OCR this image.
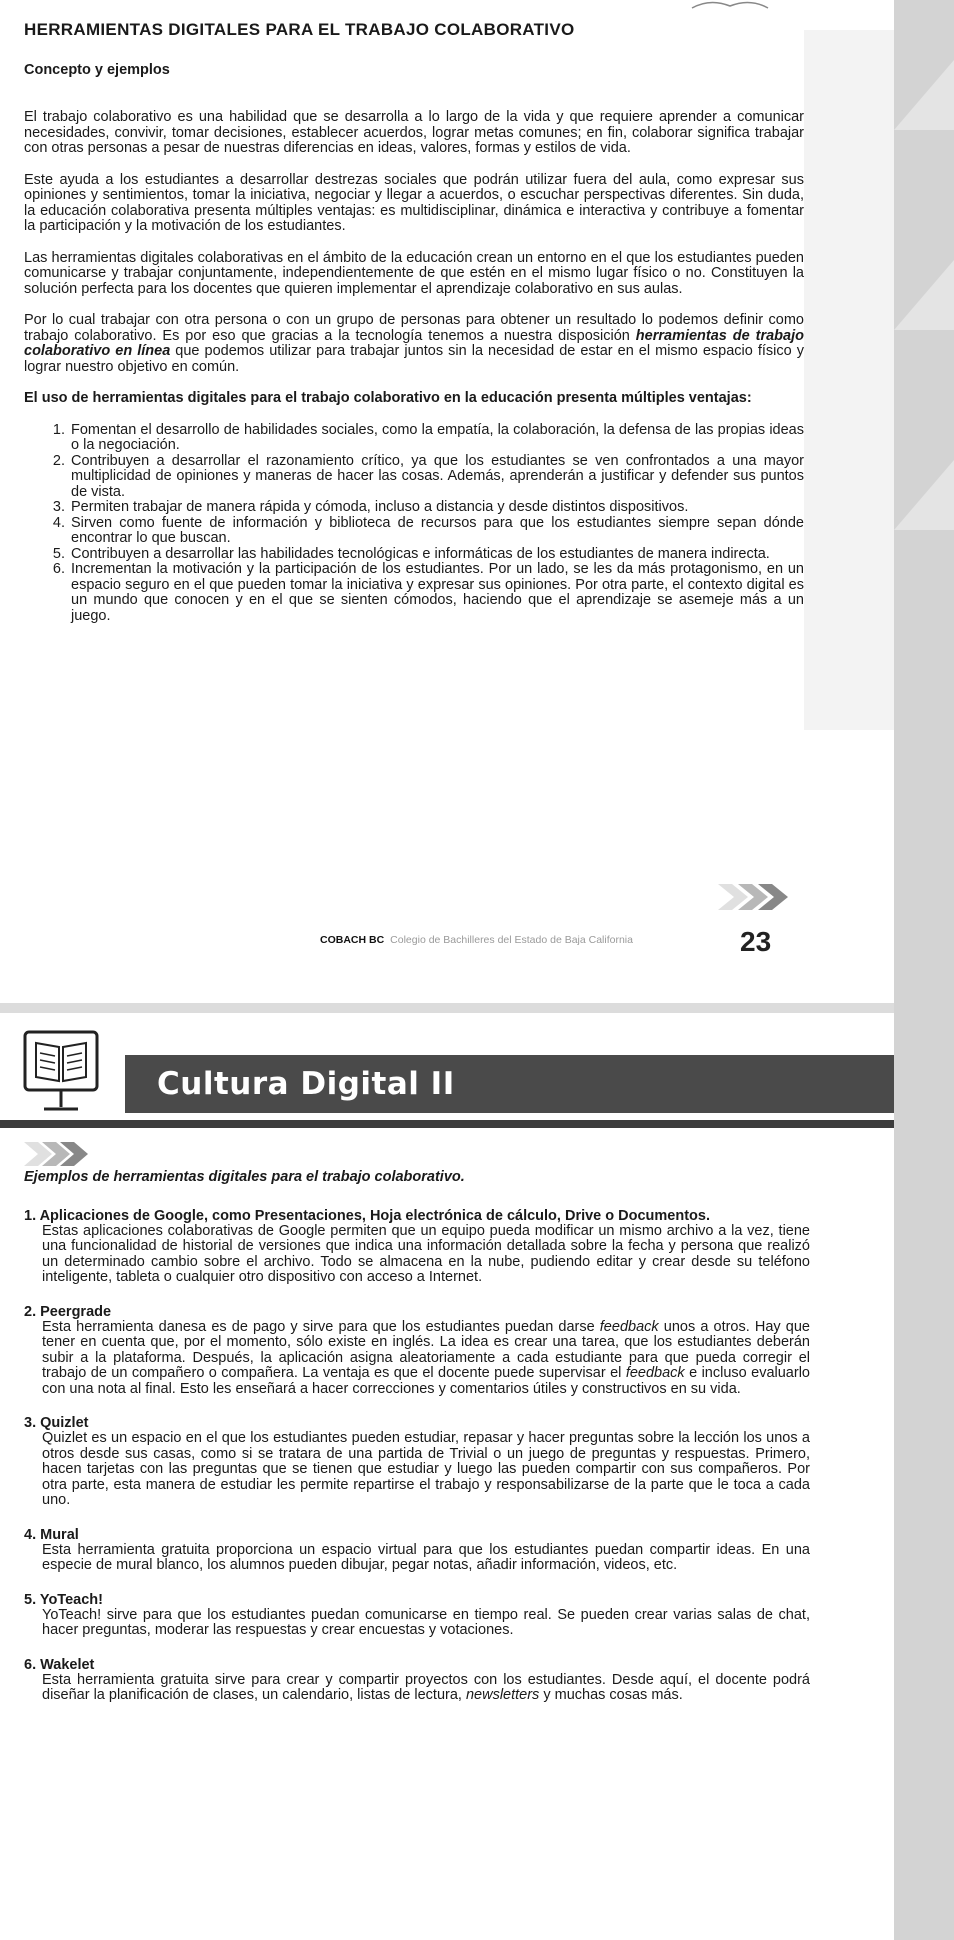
HERRAMIENTAS DIGITALES PARA EL TRABAJO COLABORATIVO

Concepto y ejemplos

El trabajo colaborativo es una habilidad que se desarrolla a lo largo de la vida y que requiere aprender a comunicar necesidades, convivir, tomar decisiones, establecer acuerdos, lograr metas comunes; en fin, colaborar significa trabajar con otras personas a pesar de nuestras diferencias en ideas, valores, formas y estilos de vida.

Este ayuda a los estudiantes a desarrollar destrezas sociales que podrán utilizar fuera del aula, como expresar sus opiniones y sentimientos, tomar la iniciativa, negociar y llegar a acuerdos, o escuchar perspectivas diferentes. Sin duda, la educación colaborativa presenta múltiples ventajas: es multidisciplinar, dinámica e interactiva y contribuye a fomentar la participación y la motivación de los estudiantes.

Las herramientas digitales colaborativas en el ámbito de la educación crean un entorno en el que los estudiantes pueden comunicarse y trabajar conjuntamente, independientemente de que estén en el mismo lugar físico o no. Constituyen la solución perfecta para los docentes que quieren implementar el aprendizaje colaborativo en sus aulas.

Por lo cual trabajar con otra persona o con un grupo de personas para obtener un resultado lo podemos definir como trabajo colaborativo. Es por eso que gracias a la tecnología tenemos a nuestra disposición herramientas de trabajo colaborativo en línea que podemos utilizar para trabajar juntos sin la necesidad de estar en el mismo espacio físico y lograr nuestro objetivo en común.

El uso de herramientas digitales para el trabajo colaborativo en la educación presenta múltiples ventajas:

1. Fomentan el desarrollo de habilidades sociales, como la empatía, la colaboración, la defensa de las propias ideas o la negociación.
2. Contribuyen a desarrollar el razonamiento crítico, ya que los estudiantes se ven confrontados a una mayor multiplicidad de opiniones y maneras de hacer las cosas. Además, aprenderán a justificar y defender sus puntos de vista.
3. Permiten trabajar de manera rápida y cómoda, incluso a distancia y desde distintos dispositivos.
4. Sirven como fuente de información y biblioteca de recursos para que los estudiantes siempre sepan dónde encontrar lo que buscan.
5. Contribuyen a desarrollar las habilidades tecnológicas e informáticas de los estudiantes de manera indirecta.
6. Incrementan la motivación y la participación de los estudiantes. Por un lado, se les da más protagonismo, en un espacio seguro en el que pueden tomar la iniciativa y expresar sus opiniones. Por otra parte, el contexto digital es un mundo que conocen y en el que se sienten cómodos, haciendo que el aprendizaje se asemeje más a un juego.
COBACH BC Colegio de Bachilleres del Estado de Baja California	23
Cultura Digital II

Ejemplos de herramientas digitales para el trabajo colaborativo.

1. Aplicaciones de Google, como Presentaciones, Hoja electrónica de cálculo, Drive o Documentos.

Estas aplicaciones colaborativas de Google permiten que un equipo pueda modificar un mismo archivo a la vez, tiene una funcionalidad de historial de versiones que indica una información detallada sobre la fecha y persona que realizó un determinado cambio sobre el archivo. Todo se almacena en la nube, pudiendo editar y crear desde su teléfono inteligente, tableta o cualquier otro dispositivo con acceso a Internet.

2. Peergrade

Esta herramienta danesa es de pago y sirve para que los estudiantes puedan darse feedback unos a otros. Hay que tener en cuenta que, por el momento, sólo existe en inglés. La idea es crear una tarea, que los estudiantes deberán subir a la plataforma. Después, la aplicación asigna aleatoriamente a cada estudiante para que pueda corregir el trabajo de un compañero o compañera. La ventaja es que el docente puede supervisar el feedback e incluso evaluarlo con una nota al final. Esto les enseñará a hacer correcciones y comentarios útiles y constructivos en su vida.

3. Quizlet

Quizlet es un espacio en el que los estudiantes pueden estudiar, repasar y hacer preguntas sobre la lección los unos a otros desde sus casas, como si se tratara de una partida de Trivial o un juego de preguntas y respuestas. Primero, hacen tarjetas con las preguntas que se tienen que estudiar y luego las pueden compartir con sus compañeros. Por otra parte, esta manera de estudiar les permite repartirse el trabajo y responsabilizarse de la parte que le toca a cada uno.

4. Mural

Esta herramienta gratuita proporciona un espacio virtual para que los estudiantes puedan compartir ideas. En una especie de mural blanco, los alumnos pueden dibujar, pegar notas, añadir información, videos, etc.

5. YoTeach!

YoTeach! sirve para que los estudiantes puedan comunicarse en tiempo real. Se pueden crear varias salas de chat, hacer preguntas, moderar las respuestas y crear encuestas y votaciones.

6. Wakelet

Esta herramienta gratuita sirve para crear y compartir proyectos con los estudiantes. Desde aquí, el docente podrá diseñar la planificación de clases, un calendario, listas de lectura, newsletters y muchas cosas más.
